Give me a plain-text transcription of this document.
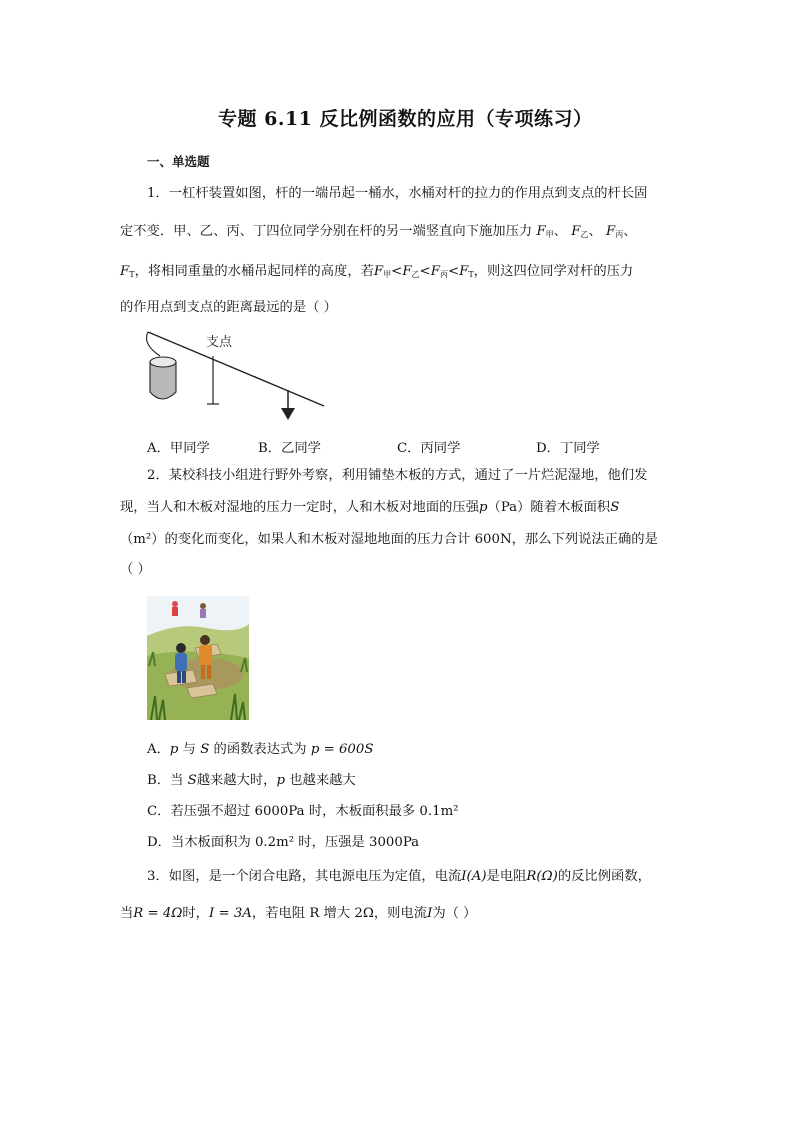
专题 6.11 反比例函数的应用（专项练习）
一、单选题
1．一杠杆装置如图，杆的一端吊起一桶水，水桶对杆的拉力的作用点到支点的杆长固
定不变．甲、乙、丙、丁四位同学分别在杆的另一端竖直向下施加压力 $F_甲$、 $F_乙$、 $F_丙$、
$F_T$，将相同重量的水桶吊起同样的高度，若$F_甲<F_乙<F_丙<F_T$，则这四位同学对杆的压力
的作用点到支点的距离最远的是（ ）
支点
A．甲同学	B．乙同学	C．丙同学	D．丁同学
2．某校科技小组进行野外考察，利用铺垫木板的方式，通过了一片烂泥湿地，他们发
现，当人和木板对湿地的压力一定时，人和木板对地面的压强p（Pa）随着木板面积S
（m²）的变化而变化，如果人和木板对湿地地面的压力合计 600N，那么下列说法正确的是
（ ）
A．p 与 S 的函数表达式为 p = 600S
B．当 S越来越大时，p 也越来越大
C．若压强不超过 6000Pa 时，木板面积最多 0.1m²
D．当木板面积为 0.2m² 时，压强是 3000Pa
3．如图，是一个闭合电路，其电源电压为定值，电流I(A)是电阻R(Ω)的反比例函数，
当R = 4Ω时，I = 3A，若电阻 R 增大 2Ω，则电流I为（ ）
